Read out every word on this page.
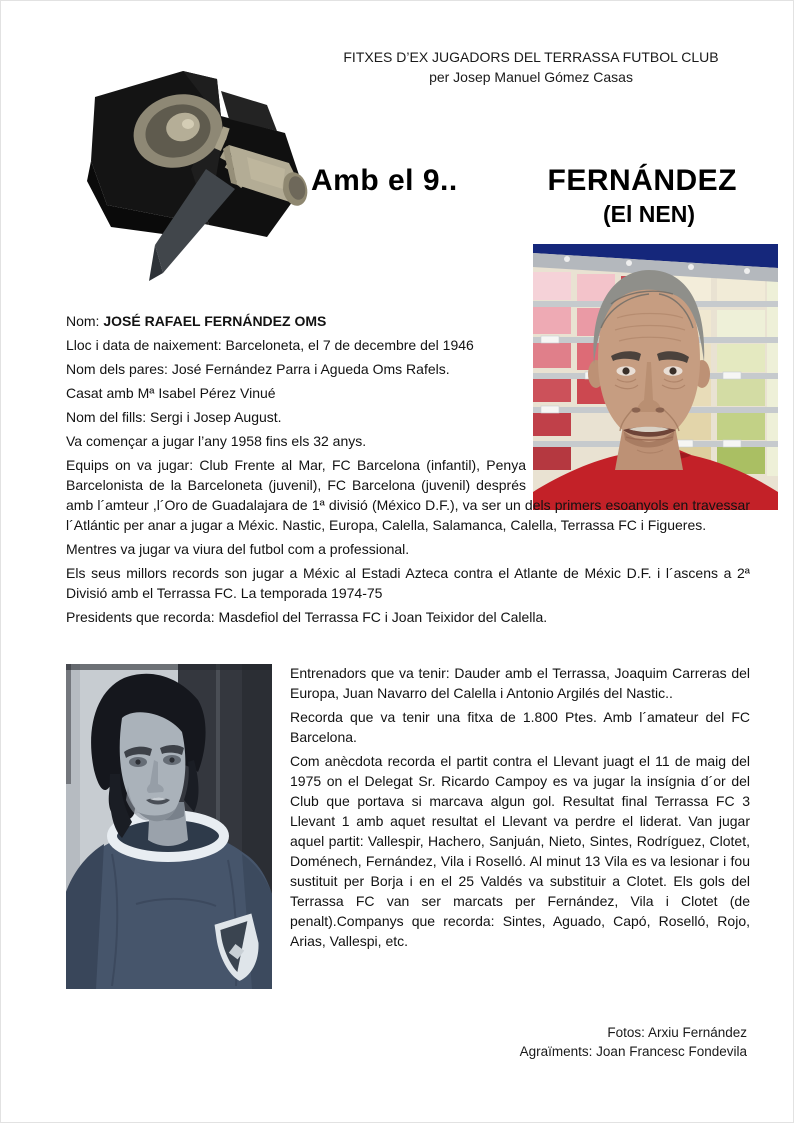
FITXES D’EX JUGADORS DEL TERRASSA FUTBOL CLUB
per Josep Manuel Gómez Casas
Amb el 9..	FERNÁNDEZ
(El NEN)

Nom: JOSÉ RAFAEL FERNÁNDEZ OMS

Lloc i data de naixement: Barceloneta, el 7 de decembre del 1946

Nom dels pares: José Fernández Parra i Agueda Oms Rafels.

Casat amb Mª Isabel Pérez Vinué

Nom del fills: Sergi i Josep August.

Va començar a jugar l’any 1958 fins els 32 anys.

Equips on va jugar: Club Frente al Mar, FC Barcelona (infantil), Penya Barcelonista de la Barceloneta (juvenil), FC Barcelona (juvenil) després amb l´amteur ,l´Oro de Guadalajara de 1ª divisió (México D.F.), va ser un dels primers esoanyols en travessar l´Atlántic per anar a jugar a Méxic. Nastic, Europa, Calella, Salamanca, Calella, Terrassa FC i Figueres.

Mentres va jugar va viura del futbol com a professional.

Els seus millors records son jugar a Méxic al Estadi Azteca contra el Atlante de Méxic D.F. i l´ascens a 2ª Divisió amb el Terrassa FC. La temporada 1974-75

Presidents que recorda: Masdefiol del Terrassa FC i Joan Teixidor del Calella.

Entrenadors que va tenir: Dauder amb el Terrassa, Joaquim Carreras del Europa, Juan Navarro del Calella i Antonio Argilés del Nastic..

Recorda que va tenir una fitxa de 1.800 Ptes. Amb l´amateur del FC Barcelona.

Com anècdota recorda el partit contra el Llevant juagt el 11 de maig del 1975 on el Delegat Sr. Ricardo Campoy es va jugar la insígnia d´or del Club que portava si marcava algun gol. Resultat final Terrassa FC 3 Llevant 1 amb aquet resultat el Llevant va perdre el liderat. Van jugar aquel partit: Vallespir, Hachero, Sanjuán, Nieto, Sintes, Rodríguez, Clotet, Doménech, Fernández, Vila i Roselló. Al minut 13 Vila es va lesionar i fou sustituit per Borja i en el 25 Valdés va substituir a Clotet. Els gols del Terrassa FC van ser marcats per Fernández, Vila i Clotet (de penalt).Companys que recorda: Sintes, Aguado, Capó, Roselló, Rojo, Arias, Vallespi, etc.

Fotos: Arxiu Fernández
Agraïments: Joan Francesc Fondevila
